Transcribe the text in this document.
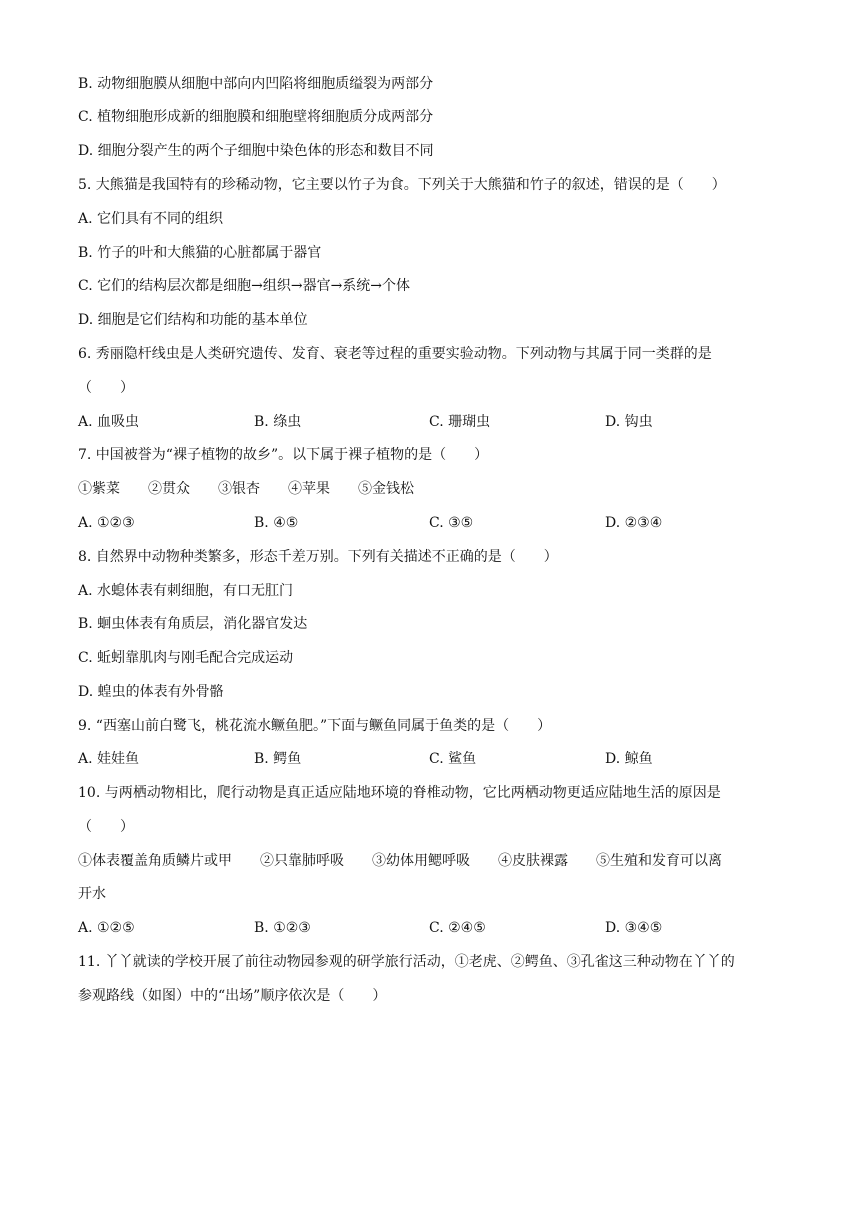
B. 动物细胞膜从细胞中部向内凹陷将细胞质缢裂为两部分
C. 植物细胞形成新的细胞膜和细胞壁将细胞质分成两部分
D. 细胞分裂产生的两个子细胞中染色体的形态和数目不同
5. 大熊猫是我国特有的珍稀动物，它主要以竹子为食。下列关于大熊猫和竹子的叙述，错误的是（　　）
A. 它们具有不同的组织
B. 竹子的叶和大熊猫的心脏都属于器官
C. 它们的结构层次都是细胞→组织→器官→系统→个体
D. 细胞是它们结构和功能的基本单位
6. 秀丽隐杆线虫是人类研究遗传、发育、衰老等过程的重要实验动物。下列动物与其属于同一类群的是
（　　）
A. 血吸虫	B. 绦虫	C. 珊瑚虫	D. 钩虫
7. 中国被誉为“裸子植物的故乡”。以下属于裸子植物的是（　　）
①紫菜　　②贯众　　③银杏　　④苹果　　⑤金钱松
A. ①②③	B. ④⑤	C. ③⑤	D. ②③④
8. 自然界中动物种类繁多，形态千差万别。下列有关描述不正确的是（　　）
A. 水螅体表有刺细胞，有口无肛门
B. 蛔虫体表有角质层，消化器官发达
C. 蚯蚓靠肌肉与刚毛配合完成运动
D. 蝗虫的体表有外骨骼
9. “西塞山前白鹭飞，桃花流水鳜鱼肥。”下面与鳜鱼同属于鱼类的是（　　）
A. 娃娃鱼	B. 鳄鱼	C. 鲨鱼	D. 鲸鱼
10. 与两栖动物相比，爬行动物是真正适应陆地环境的脊椎动物，它比两栖动物更适应陆地生活的原因是
（　　）
①体表覆盖角质鳞片或甲　　②只靠肺呼吸　　③幼体用鳃呼吸　　④皮肤裸露　　⑤生殖和发育可以离
开水
A. ①②⑤	B. ①②③	C. ②④⑤	D. ③④⑤
11. 丫丫就读的学校开展了前往动物园参观的研学旅行活动，①老虎、②鳄鱼、③孔雀这三种动物在丫丫的
参观路线（如图）中的“出场”顺序依次是（　　）
